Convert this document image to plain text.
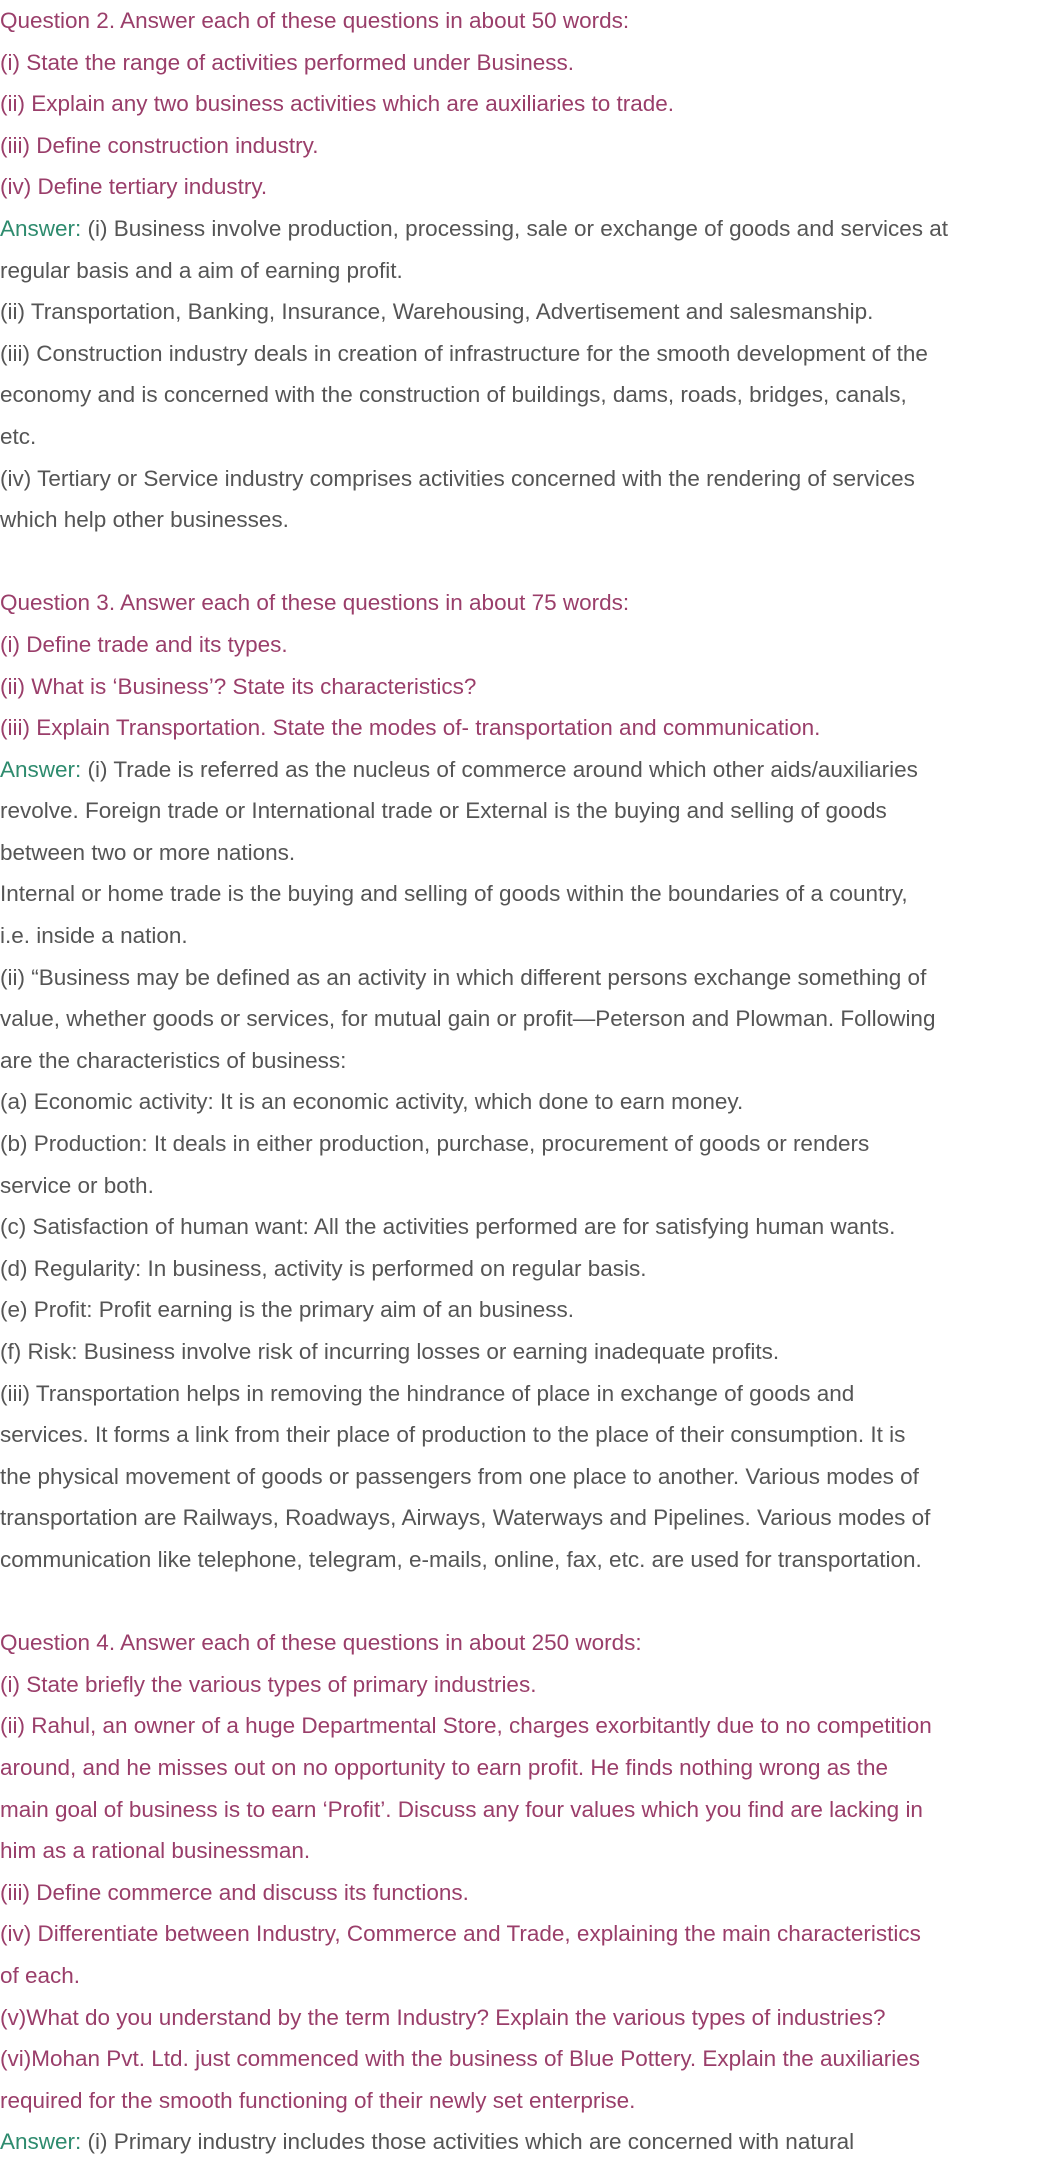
Question 2. Answer each of these questions in about 50 words:
(i) State the range of activities performed under Business.
(ii) Explain any two business activities which are auxiliaries to trade.
(iii) Define construction industry.
(iv) Define tertiary industry.
Answer: (i) Business involve production, processing, sale or exchange of goods and services at
regular basis and a aim of earning profit.
(ii) Transportation, Banking, Insurance, Warehousing, Advertisement and salesmanship.
(iii) Construction industry deals in creation of infrastructure for the smooth development of the
economy and is concerned with the construction of buildings, dams, roads, bridges, canals,
etc.
(iv) Tertiary or Service industry comprises activities concerned with the rendering of services
which help other businesses.
Question 3. Answer each of these questions in about 75 words:
(i) Define trade and its types.
(ii) What is ‘Business’? State its characteristics?
(iii) Explain Transportation. State the modes of- transportation and communication.
Answer: (i) Trade is referred as the nucleus of commerce around which other aids/auxiliaries
revolve. Foreign trade or International trade or External is the buying and selling of goods
between two or more nations.
Internal or home trade is the buying and selling of goods within the boundaries of a country,
i.e. inside a nation.
(ii) “Business may be defined as an activity in which different persons exchange something of
value, whether goods or services, for mutual gain or profit—Peterson and Plowman. Following
are the characteristics of business:
(a) Economic activity: It is an economic activity, which done to earn money.
(b) Production: It deals in either production, purchase, procurement of goods or renders
service or both.
(c) Satisfaction of human want: All the activities performed are for satisfying human wants.
(d) Regularity: In business, activity is performed on regular basis.
(e) Profit: Profit earning is the primary aim of an business.
(f) Risk: Business involve risk of incurring losses or earning inadequate profits.
(iii) Transportation helps in removing the hindrance of place in exchange of goods and
services. It forms a link from their place of production to the place of their consumption. It is
the physical movement of goods or passengers from one place to another. Various modes of
transportation are Railways, Roadways, Airways, Waterways and Pipelines. Various modes of
communication like telephone, telegram, e-mails, online, fax, etc. are used for transportation.
Question 4. Answer each of these questions in about 250 words:
(i) State briefly the various types of primary industries.
(ii) Rahul, an owner of a huge Departmental Store, charges exorbitantly due to no competition
around, and he misses out on no opportunity to earn profit. He finds nothing wrong as the
main goal of business is to earn ‘Profit’. Discuss any four values which you find are lacking in
him as a rational businessman.
(iii) Define commerce and discuss its functions.
(iv) Differentiate between Industry, Commerce and Trade, explaining the main characteristics
of each.
(v)What do you understand by the term Industry? Explain the various types of industries?
(vi)Mohan Pvt. Ltd. just commenced with the business of Blue Pottery. Explain the auxiliaries
required for the smooth functioning of their newly set enterprise.
Answer: (i) Primary industry includes those activities which are concerned with natural
